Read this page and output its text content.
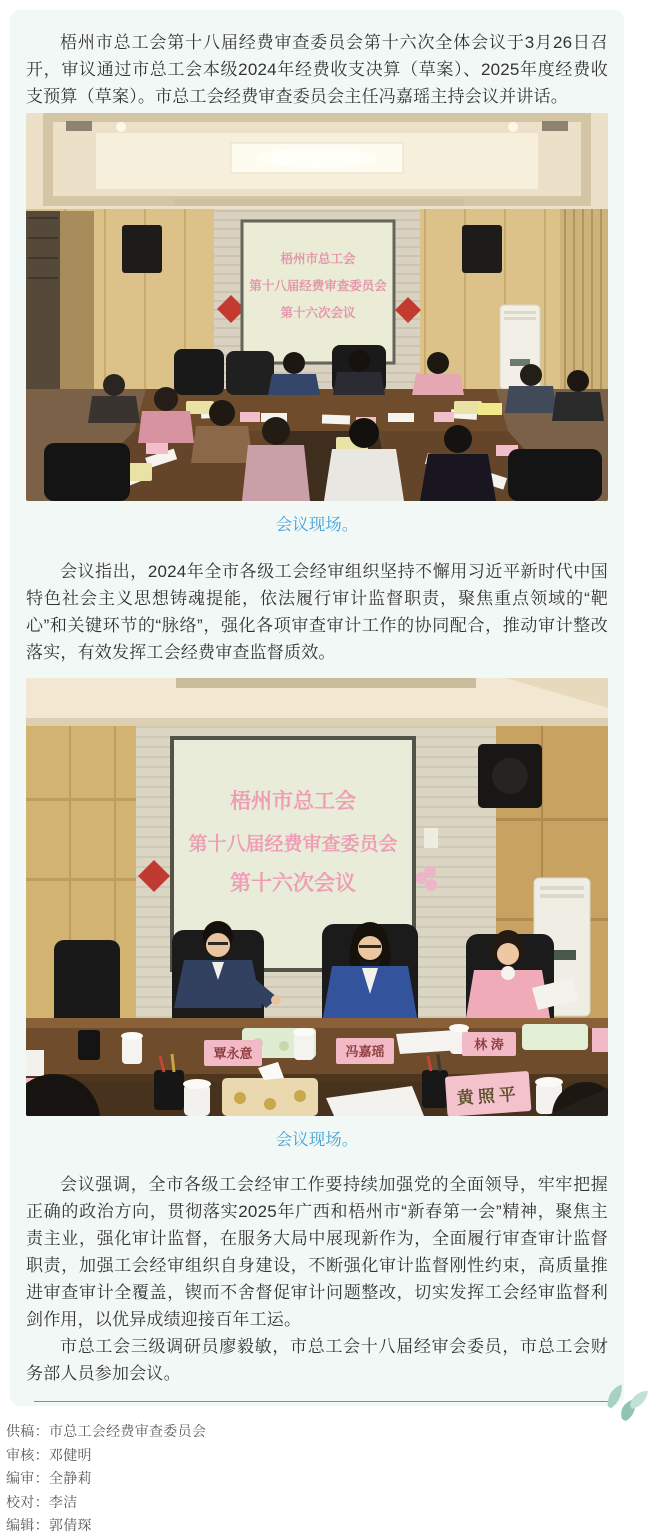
梧州市总工会第十八届经费审查委员会第十六次全体会议于3月26日召开，审议通过市总工会本级2024年经费收支决算（草案）、2025年度经费收支预算（草案）。市总工会经费审查委员会主任冯嘉瑶主持会议并讲话。

梧州市总工会
第十八届经费审查委员会
第十六次会议
会议现场。

会议指出，2024年全市各级工会经审组织坚持不懈用习近平新时代中国特色社会主义思想铸魂提能，依法履行审计监督职责，聚焦重点领域的“靶心”和关键环节的“脉络”，强化各项审查审计工作的协同配合，推动审计整改落实，有效发挥工会经费审查监督质效。

梧州市总工会
第十八届经费审查委员会
第十六次会议
覃永意	冯嘉瑶	林 涛
黄照平
会议现场。

会议强调，全市各级工会经审工作要持续加强党的全面领导，牢牢把握正确的政治方向，贯彻落实2025年广西和梧州市“新春第一会”精神，聚焦主责主业，强化审计监督，在服务大局中展现新作为，全面履行审查审计监督职责，加强工会经审组织自身建设，不断强化审计监督刚性约束，高质量推进审查审计全覆盖，锲而不舍督促审计问题整改，切实发挥工会经审监督利剑作用，以优异成绩迎接百年工运。

市总工会三级调研员廖毅敏，市总工会十八届经审会委员，市总工会财务部人员参加会议。

供稿：市总工会经费审查委员会
审核：邓健明
编审：全静莉
校对：李洁
编辑：郭倩琛
